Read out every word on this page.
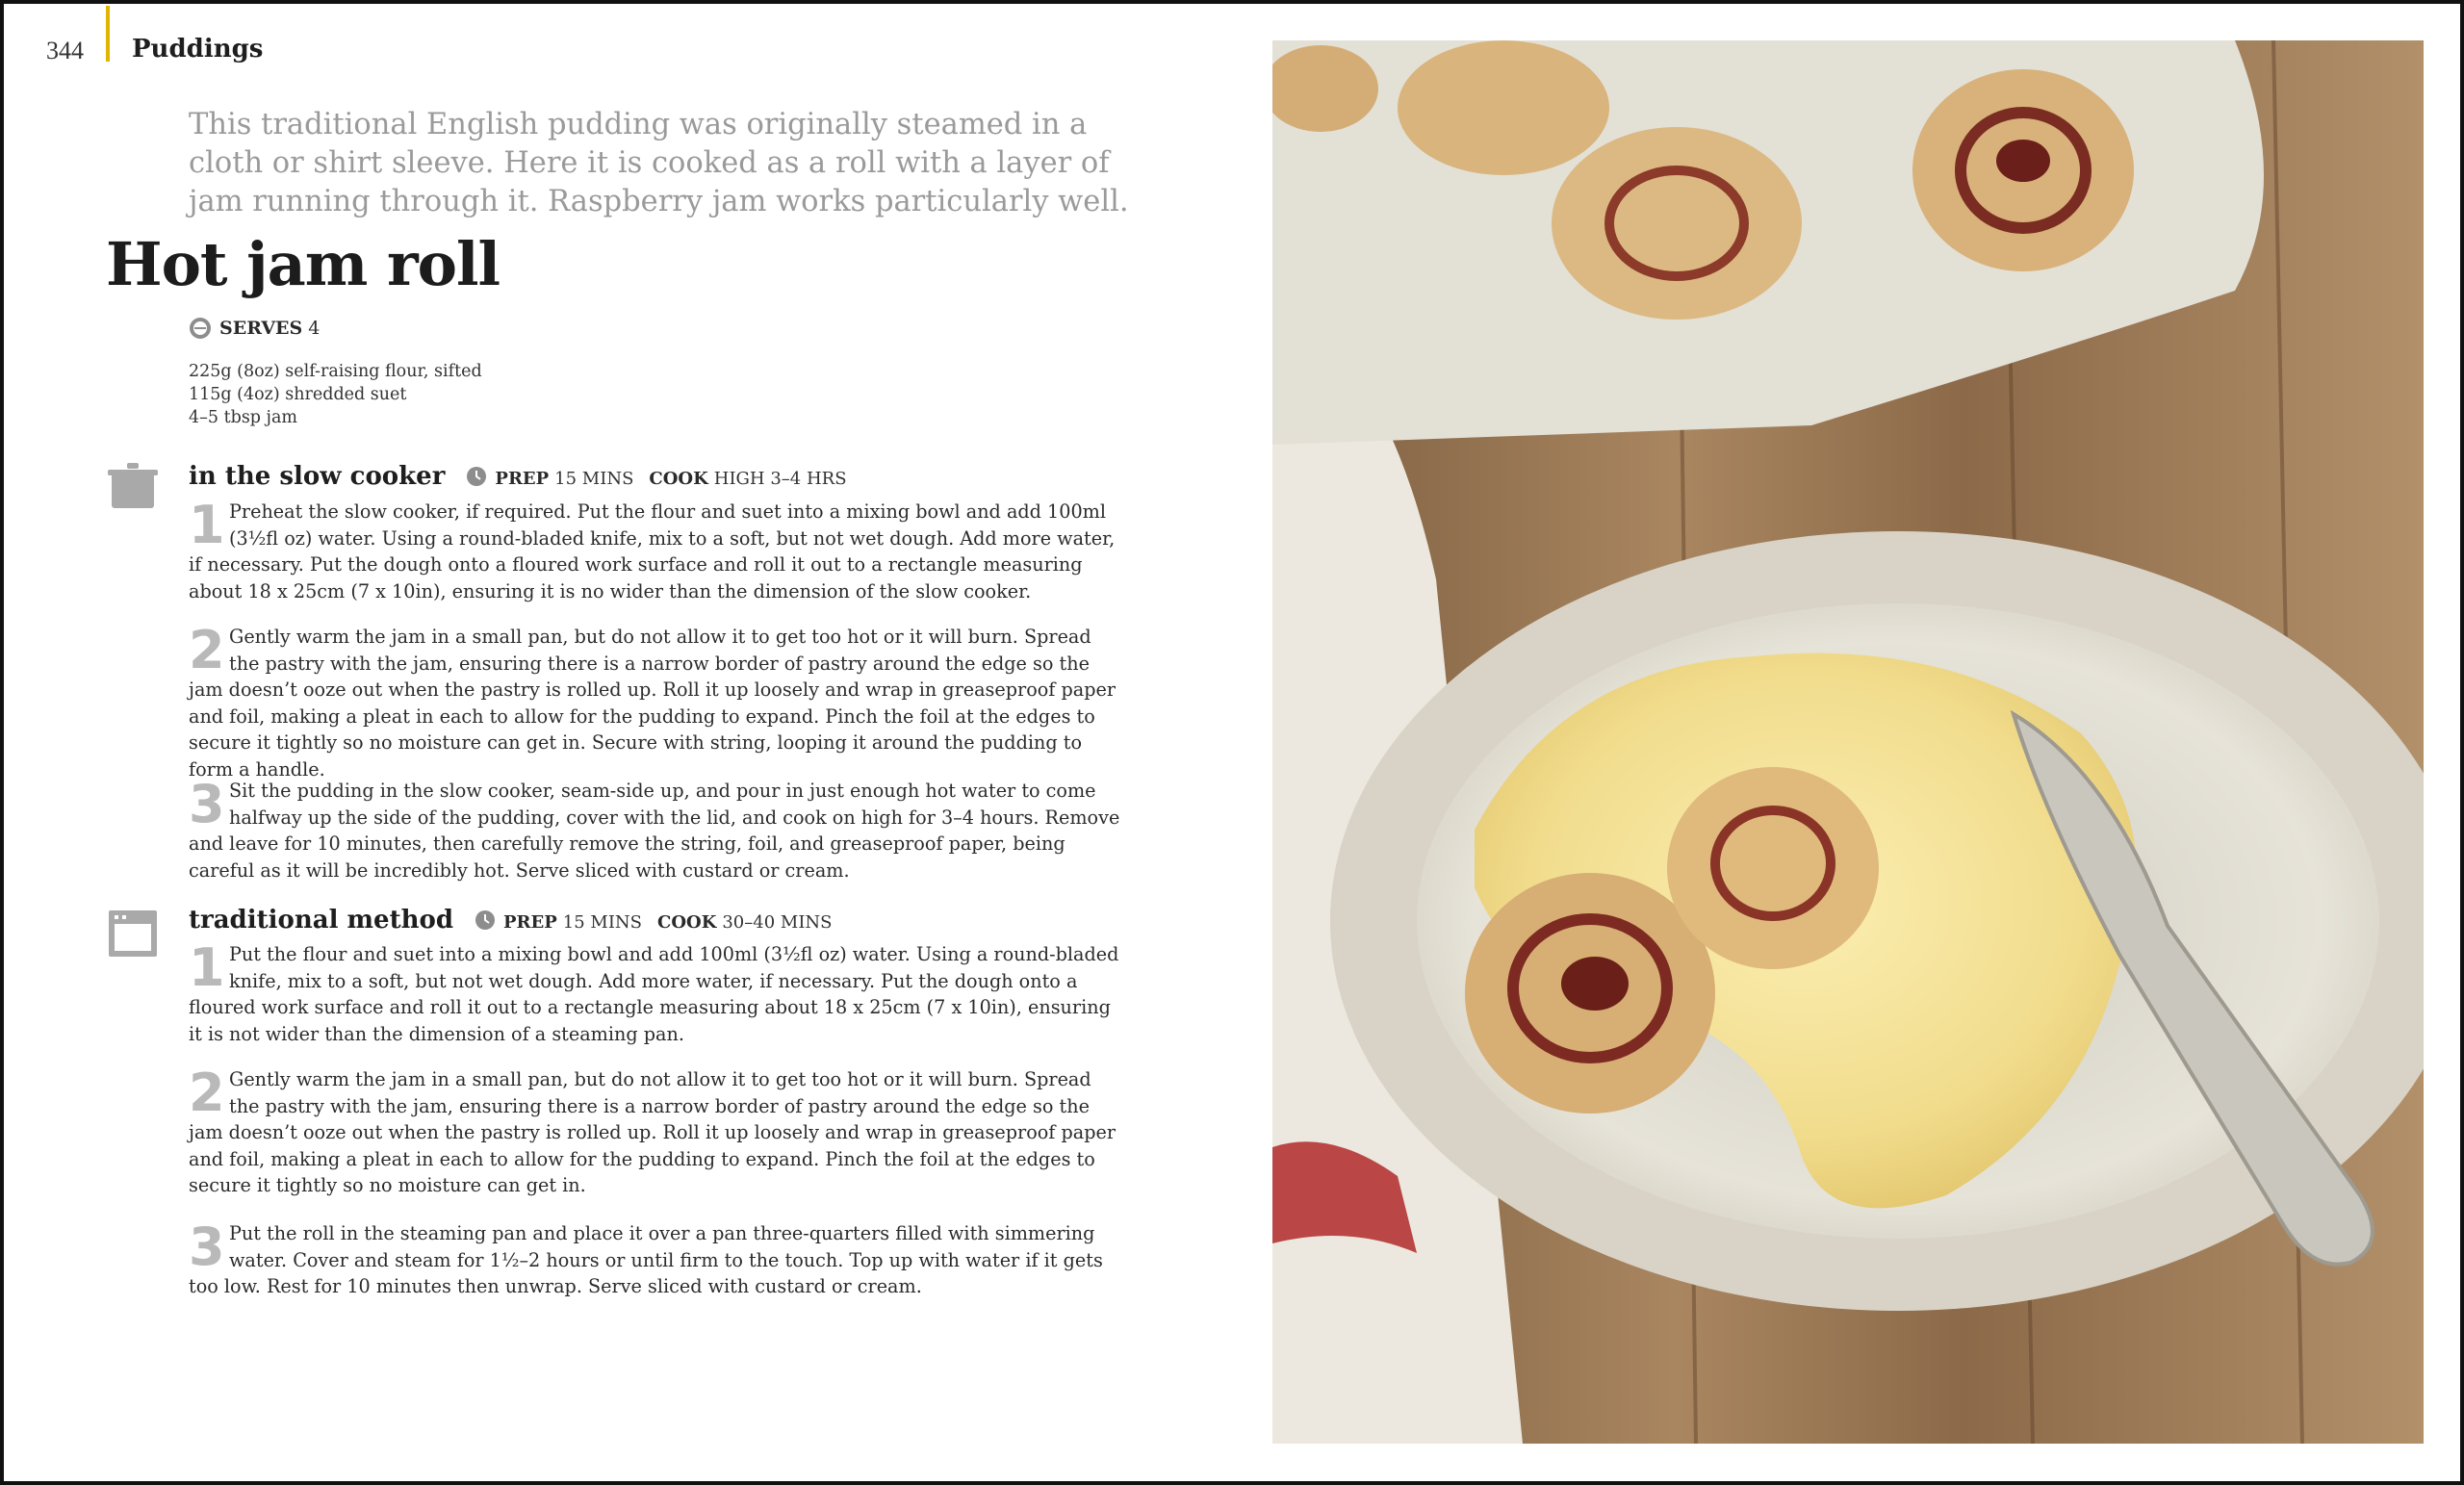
344 Puddings

This traditional English pudding was originally steamed in a cloth or shirt sleeve. Here it is cooked as a roll with a layer of jam running through it. Raspberry jam works particularly well.

Hot jam roll
SERVES 4
225g (8oz) self-raising flour, sifted
115g (4oz) shredded suet
4–5 tbsp jam
in the slow cooker	PREP 15 MINS COOK HIGH 3–4 HRS
1 Preheat the slow cooker, if required. Put the flour and suet into a mixing bowl and add 100ml (3½fl oz) water. Using a round-bladed knife, mix to a soft, but not wet dough. Add more water, if necessary. Put the dough onto a floured work surface and roll it out to a rectangle measuring about 18 x 25cm (7 x 10in), ensuring it is no wider than the dimension of the slow cooker.
2 Gently warm the jam in a small pan, but do not allow it to get too hot or it will burn. Spread the pastry with the jam, ensuring there is a narrow border of pastry around the edge so the jam doesn’t ooze out when the pastry is rolled up. Roll it up loosely and wrap in greaseproof paper and foil, making a pleat in each to allow for the pudding to expand. Pinch the foil at the edges to secure it tightly so no moisture can get in. Secure with string, looping it around the pudding to form a handle.
3 Sit the pudding in the slow cooker, seam-side up, and pour in just enough hot water to come halfway up the side of the pudding, cover with the lid, and cook on high for 3–4 hours. Remove and leave for 10 minutes, then carefully remove the string, foil, and greaseproof paper, being careful as it will be incredibly hot. Serve sliced with custard or cream.
traditional method	PREP 15 MINS COOK 30–40 MINS
1 Put the flour and suet into a mixing bowl and add 100ml (3½fl oz) water. Using a round-bladed knife, mix to a soft, but not wet dough. Add more water, if necessary. Put the dough onto a floured work surface and roll it out to a rectangle measuring about 18 x 25cm (7 x 10in), ensuring it is not wider than the dimension of a steaming pan.
2 Gently warm the jam in a small pan, but do not allow it to get too hot or it will burn. Spread the pastry with the jam, ensuring there is a narrow border of pastry around the edge so the jam doesn’t ooze out when the pastry is rolled up. Roll it up loosely and wrap in greaseproof paper and foil, making a pleat in each to allow for the pudding to expand. Pinch the foil at the edges to secure it tightly so no moisture can get in.
3 Put the roll in the steaming pan and place it over a pan three-quarters filled with simmering water. Cover and steam for 1½–2 hours or until firm to the touch. Top up with water if it gets too low. Rest for 10 minutes then unwrap. Serve sliced with custard or cream.
